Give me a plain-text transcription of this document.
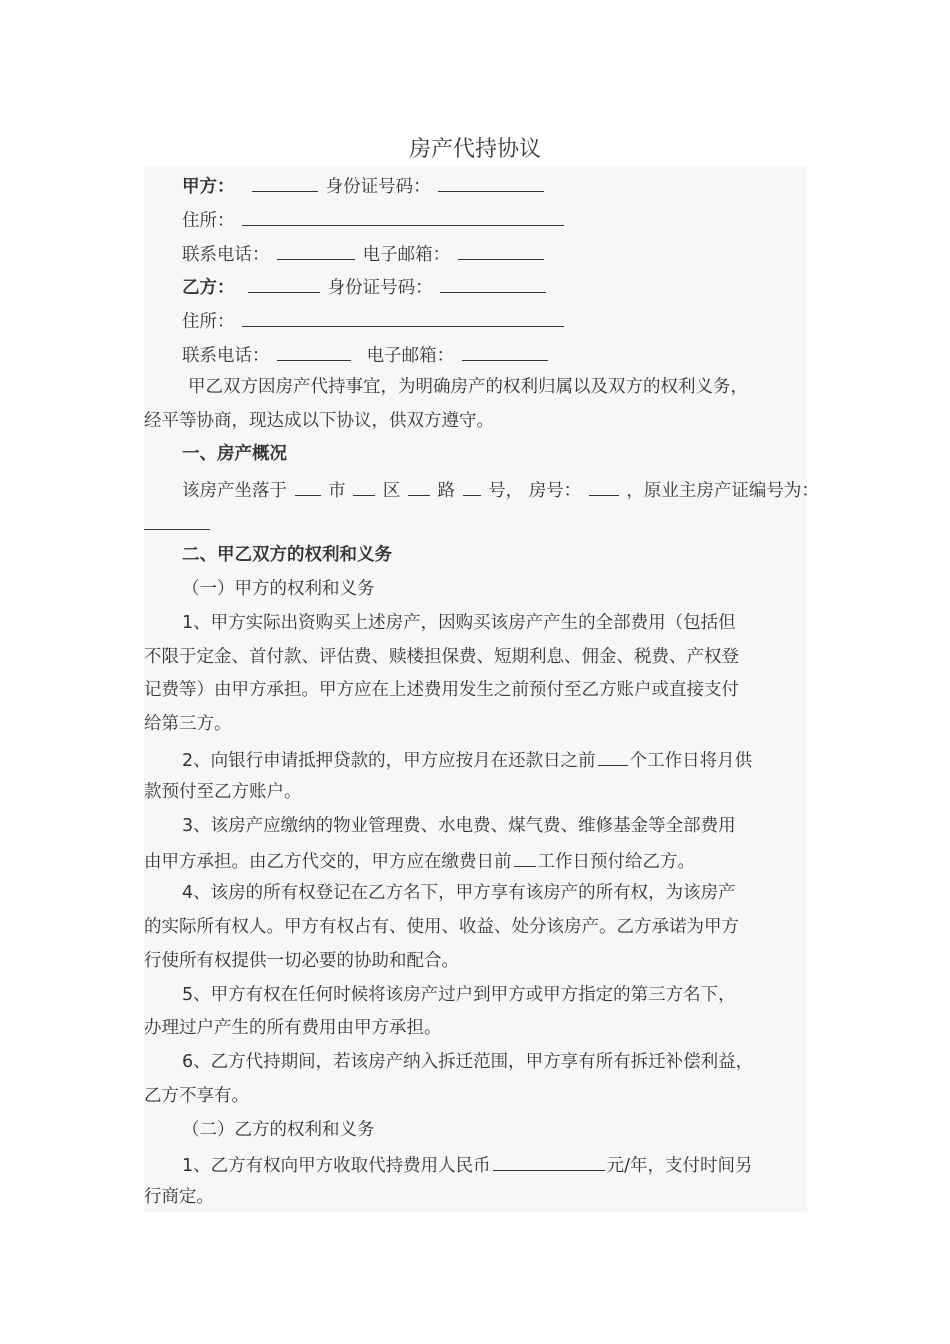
房产代持协议
甲方：	身份证号码：
住所：
联系电话：	电子邮箱：
乙方：	身份证号码：
住所：
联系电话：	电子邮箱：
甲乙双方因房产代持事宜，为明确房产的权利归属以及双方的权利义务，
经平等协商，现达成以下协议，供双方遵守。
一、房产概况
该房产坐落于 市 区 路 号， 房号：	，原业主房产证编号为：
二、甲乙双方的权利和义务
（一）甲方的权利和义务
1、甲方实际出资购买上述房产，因购买该房产产生的全部费用（包括但
不限于定金、首付款、评估费、赎楼担保费、短期利息、佣金、税费、产权登
记费等）由甲方承担。甲方应在上述费用发生之前预付至乙方账户或直接支付
给第三方。
2、向银行申请抵押贷款的，甲方应按月在还款日之前 个工作日将月供
款预付至乙方账户。
3、该房产应缴纳的物业管理费、水电费、煤气费、维修基金等全部费用
由甲方承担。由乙方代交的，甲方应在缴费日前 工作日预付给乙方。
4、该房的所有权登记在乙方名下，甲方享有该房产的所有权，为该房产
的实际所有权人。甲方有权占有、使用、收益、处分该房产。乙方承诺为甲方
行使所有权提供一切必要的协助和配合。
5、甲方有权在任何时候将该房产过户到甲方或甲方指定的第三方名下，
办理过户产生的所有费用由甲方承担。
6、乙方代持期间，若该房产纳入拆迁范围，甲方享有所有拆迁补偿利益，
乙方不享有。
（二）乙方的权利和义务
1、乙方有权向甲方收取代持费用人民币	元/年，支付时间另
行商定。
